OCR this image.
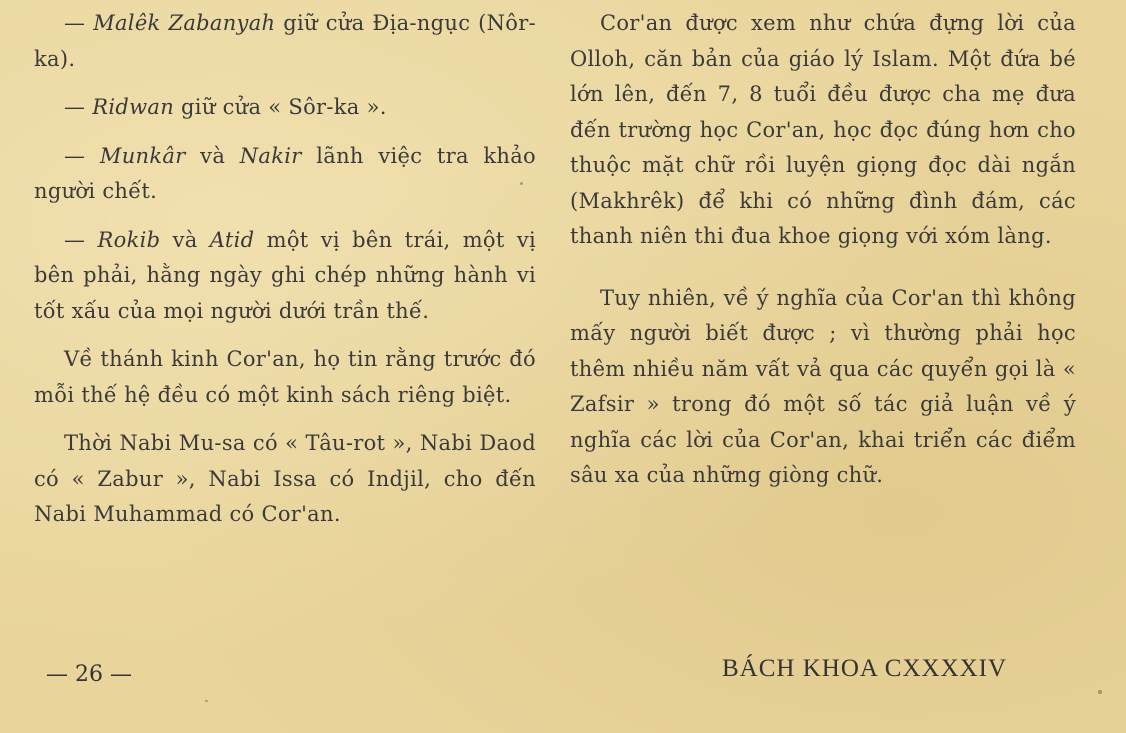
— Malêk Zabanyah giữ cửa Địa-ngục (Nôr-ka).

— Ridwan giữ cửa « Sôr-ka ».

— Munkâr và Nakir lãnh việc tra khảo người chết.

— Rokib và Atid một vị bên trái, một vị bên phải, hằng ngày ghi chép những hành vi tốt xấu của mọi người dưới trần thế.

Về thánh kinh Cor'an, họ tin rằng trước đó mỗi thế hệ đều có một kinh sách riêng biệt.

Thời Nabi Mu-sa có « Tâu-rot », Nabi Daod có « Zabur », Nabi Issa có Indjil, cho đến Nabi Muhammad có Cor'an.

Cor'an được xem như chứa đựng lời của Olloh, căn bản của giáo lý Islam. Một đứa bé lớn lên, đến 7, 8 tuổi đều được cha mẹ đưa đến trường học Cor'an, học đọc đúng hơn cho thuộc mặt chữ rồi luyện giọng đọc dài ngắn (Makhrêk) để khi có những đình đám, các thanh niên thi đua khoe giọng với xóm làng.

Tuy nhiên, về ý nghĩa của Cor'an thì không mấy người biết được ; vì thường phải học thêm nhiều năm vất vả qua các quyển gọi là « Zafsir » trong đó một số tác giả luận về ý nghĩa các lời của Cor'an, khai triển các điểm sâu xa của những giòng chữ.

— 26 —	BÁCH KHOA CXXXXIV
